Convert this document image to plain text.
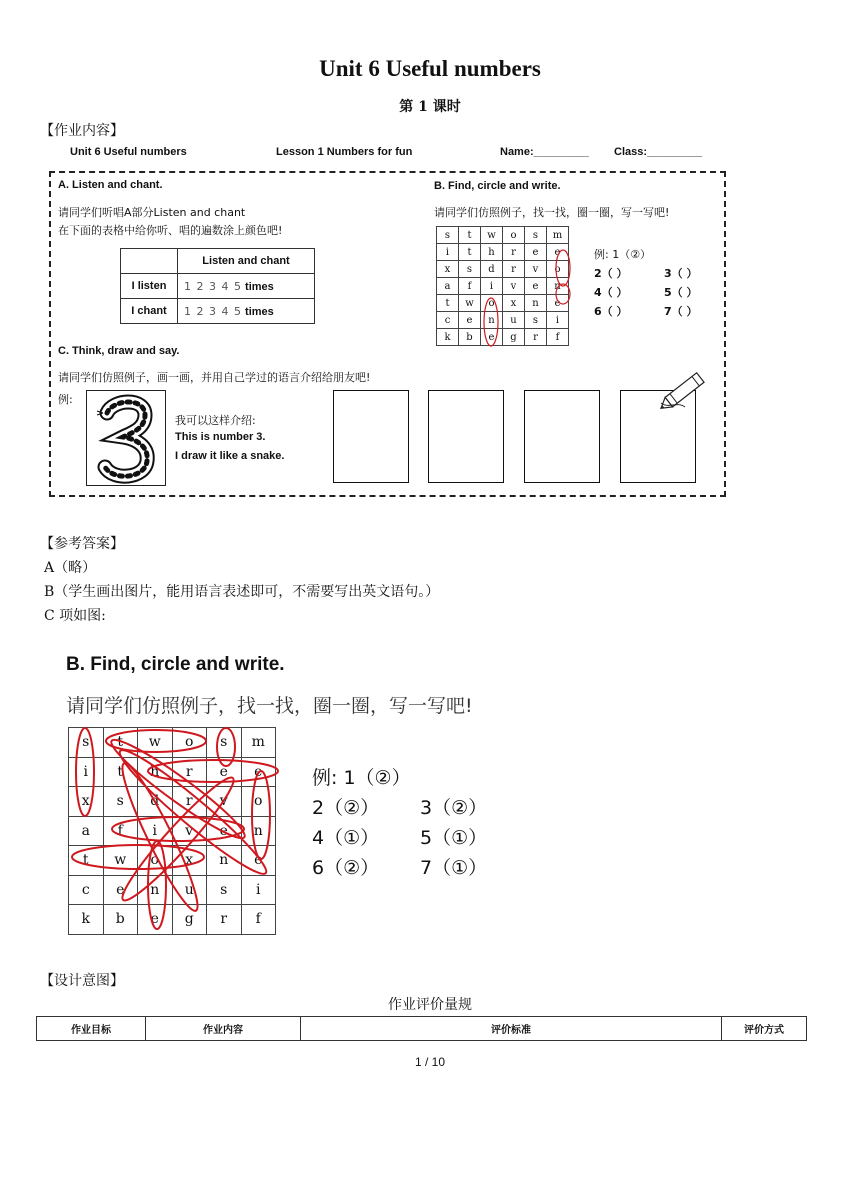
Unit 6 Useful numbers
第 1 课时
【作业内容】
Unit 6 Useful numbers	Lesson 1 Numbers for fun	Name:_________ Class:_________
A. Listen and chant.
请同学们听唱A部分Listen and chant
在下面的表格中给你听、唱的遍数涂上颜色吧!
	Listen and chant
I listen	1 2 3 4 5 times
I chant	1 2 3 4 5 times
B. Find, circle and write.
请同学们仿照例子，找一找，圈一圈，写一写吧!
s	t	w	o	s	m
i	t	h	r	e	e
x	s	d	r	v	o
a	f	i	v	e	n
t	w	o	x	n	e
c	e	n	u	s	i
k	b	e	g	r	f
例: 1（②）
2（ ）	3（ ）
4（ ）	5（ ）
6（ ）	7（ ）
C. Think, draw and say.
请同学们仿照例子，画一画，并用自己学过的语言介绍给朋友吧!
例:
我可以这样介绍:
This is number 3.
I draw it like a snake.
【参考答案】
A（略）
B（学生画出图片，能用语言表述即可，不需要写出英文语句。）
C 项如图:
B. Find, circle and write.
请同学们仿照例子，找一找，圈一圈，写一写吧!
s	t	w	o	s	m
i	t	h	r	e	e
x	s	d	r	v	o
a	f	i	v	e	n
t	w	o	x	n	e
c	e	n	u	s	i
k	b	e	g	r	f
例: 1（②）
2（②） 3（②）
4（①） 5（①）
6（②） 7（①）
【设计意图】
作业评价量规
作业目标	作业内容	评价标准	评价方式
1 / 10
